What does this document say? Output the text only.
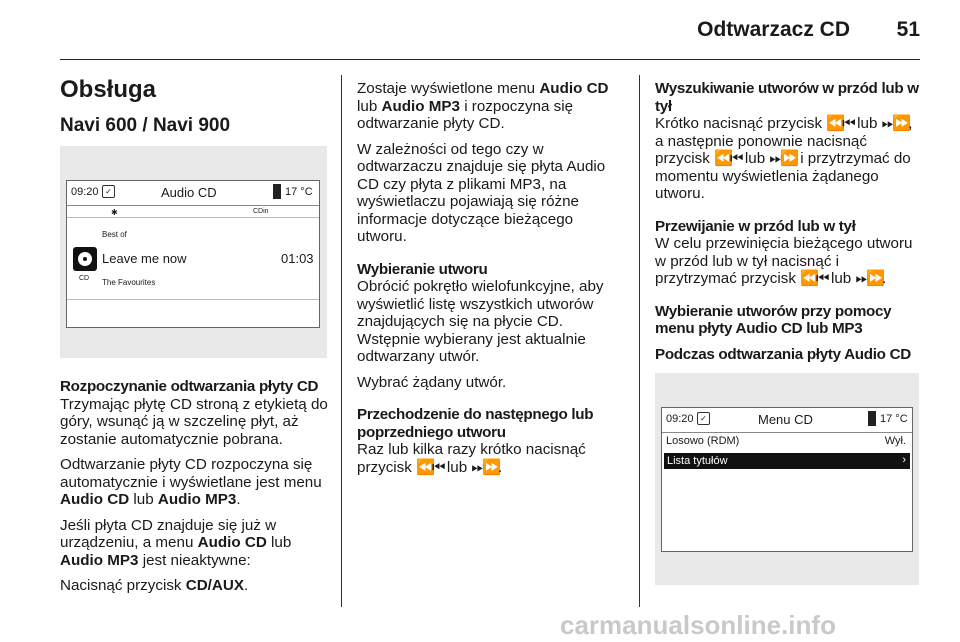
Odtwarzacz CD	51
Obsługa
Navi 600 / Navi 900
09:20 ✓	Audio CD	17 °C
✱	CDin
Best of
Leave me now	01:03
CD The Favourites
Rozpoczynanie odtwarzania płyty CD

Trzymając płytę CD stroną z etykietą do góry, wsunąć ją w szczelinę płyt, aż zostanie automatycznie pobrana.

Odtwarzanie płyty CD rozpoczyna się automatycznie i wyświetlane jest menu Audio CD lub Audio MP3.

Jeśli płyta CD znajduje się już w urządzeniu, a menu Audio CD lub Audio MP3 jest nieaktywne:

Nacisnąć przycisk CD/AUX.

Zostaje wyświetlone menu Audio CD lub Audio MP3 i rozpoczyna się odtwarzanie płyty CD.

W zależności od tego czy w odtwarzaczu znajduje się płyta Audio CD czy płyta z plikami MP3, na wyświetlaczu pojawiają się różne informacje dotyczące bieżącego utworu.

Wybieranie utworu

Obrócić pokrętło wielofunkcyjne, aby wyświetlić listę wszystkich utworów znajdujących się na płycie CD. Wstępnie wybierany jest aktualnie odtwarzany utwór.

Wybrać żądany utwór.

Przechodzenie do następnego lub poprzedniego utworu

Raz lub kilka razy krótko nacisnąć przycisk ⏪⏮ lub ⏭⏩.

Wyszukiwanie utworów w przód lub w tył

Krótko nacisnąć przycisk ⏪⏮ lub ⏭⏩, a następnie ponownie nacisnąć przycisk ⏪⏮ lub ⏭⏩ i przytrzymać do momentu wyświetlenia żądanego utworu.

Przewijanie w przód lub w tył

W celu przewinięcia bieżącego utworu w przód lub w tył nacisnąć i przytrzymać przycisk ⏪⏮ lub ⏭⏩.

Wybieranie utworów przy pomocy menu płyty Audio CD lub MP3
Podczas odtwarzania płyty Audio CD
09:20 ✓	Menu CD	17 °C
Losowo (RDM)	Wył.
Lista tytułów	›
carmanualsonline.info
